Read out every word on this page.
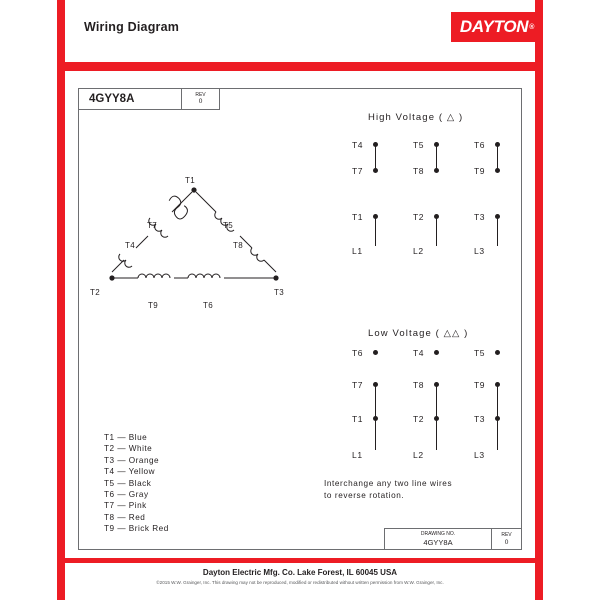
Wiring Diagram	DAYTON ®
4GYY8A	REV
0
T1
T2	T3
T7	T5
T4	T8
T9	T6
High Voltage ( △ )
T4	T5	T6
T7	T8	T9
T1	T2	T3
L1	L2	L3
Low Voltage ( △△ )
T6	T4	T5
T7	T8	T9
T1	T2	T3
L1	L2	L3
T1 — Blue
T2 — White
T3 — Orange
T4 — Yellow
T5 — Black
T6 — Gray
T7 — Pink
T8 — Red
T9 — Brick Red
Interchange any two line wires
to reverse rotation.
DRAWING NO.
4GYY8A
REV
0
Dayton Electric Mfg. Co. Lake Forest, IL 60045 USA
©2015 W.W. Grainger, Inc. This drawing may not be reproduced, modified or redistributed without written permission from W.W. Grainger, Inc.
